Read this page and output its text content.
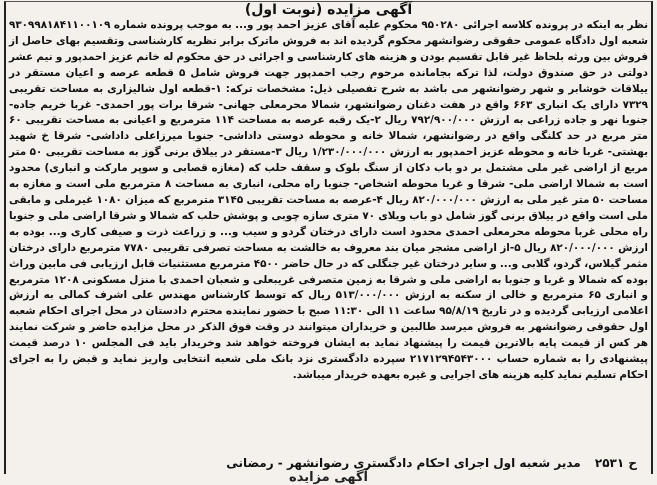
آگهی مزایده (نوبت اول)

نظر به اینکه در پرونده کلاسه اجرائی ۹۵۰۲۸۰ محکوم علیه آقای عزیز احمد پور و... به موجب پرونده شماره ۹۳۰۹۹۸۱۸۴۱۱۰۰۱۰۹ شعبه اول دادگاه عمومی حقوقی رضوانشهر محکوم گردیده اند به فروش ماترک برابر نظریه کارشناسی وتقسیم بهای حاصل از فروش بین ورثه بلحاظ غیر قابل تقسیم بودن و هزینه های کارشناسی و اجرائی در حق محکوم له خانم عزیز احمدپور و نیم عشر دولتی در حق صندوق دولت، لذا ترکه بجامانده مرحوم رجب احمدپور جهت فروش شامل ۵ قطعه عرصه و اعیان مستقر در ییلاقات خوشابر و شهر رضوانشهر می باشد به شرح تفصیلی ذیل: مشخصات ترکه: ۱-قطعه اول شالیزاری به مساحت تقریبی ۷۳۲۹ دارای یک انباری ۶۶۳ واقع در هفت دغنان رضوانشهر، شمالا محرمعلی جهانی- شرقا برات پور احمدی- غربا خریم جاده- جنوبا نهر و جاده زراعی به ارزش ۷۹۲/۹۰۰/۰۰۰ ریال ۲-یک رقبه عرصه به مساحت ۱۱۴ مترمربع و اعیانی به مساحت تقریبی ۶۰ متر مربع در حد کلنگی واقع در رضوانشهر، شمالا خانه و محوطه دوستی داداشی- جنوبا میرزاعلی داداشی- شرقا خ شهید بهشتی- غربا خانه و محوطه عزیز احمدپور به ارزش ۱/۲۳۰/۰۰۰/۰۰۰ ریال ۳-مستقر در ییلاق برنی گوز به مساحت تقریبی ۵۰ متر مربع از اراضی غیر ملی مشتمل بر دو باب دکان از سنگ بلوک و سقف حلب که (مغازه قصابی و سوپر مارکت و انباری) محدود است به شمالا اراضی ملی- شرقا و غربا محوطه اشخاص- جنوبا راه محلی، انباری به مساحت ۸ مترمربع ملی است و مغازه به مساحت ۵۰ متر غیر ملی به ارزش ۸۲۰/۰۰۰/۰۰۰ ریال ۴-عرصه به مساحت تقریبی ۳۱۴۵ مترمربع که میزان ۱۰۸۰ غیرملی و مابقی ملی است واقع در ییلاق برنی گوز شامل دو باب ویلای ۷۰ متری سازه چوبی و پوشش حلب که شمالا و شرقا اراضی ملی و جنوبا راه محلی غربا محوطه محرمعلی احمدی محدود است دارای درختان گردو و سیب و... و زراعت ذرت و صیفی کاری و... بوده به ارزش ۸۲۰/۰۰۰/۰۰۰ ریال ۵-از اراضی مشجر میان بند معروف به خالشت به مساحت تصرفی تقریبی ۷۷۸۰ مترمربع دارای درختان مثمر گیلاس، گردو، گلابی و... و سایر درختان غیر جنگلی که در حال حاضر ۴۵۰۰ مترمربع مستثنیات قابل ارزیابی فی مابین وراث بوده که شمالا و غربا و جنوبا به اراضی ملی و شرقا به زمین متصرفی غریبعلی و شعبان احمدی با منزل مسکونی ۱۲۰۸ مترمربع و انباری ۶۵ مترمربع و خالی از سکنه به ارزش ۵۱۳/۰۰۰/۰۰۰ ریال که توسط کارشناس مهندس علی اشرف کمالی به ارزش اعلامی ارزیابی گردیده و در تاریخ ۹۵/۸/۱۹ ساعت ۱۱ الی ۱۱:۳۰ صبح با حضور نماینده محترم دادستان در محل اجرای احکام شعبه اول حقوقی رضوانشهر به فروش میرسد طالبین و خریداران میتوانند در وقت فوق الذکر در محل مزایده حاضر و شرکت نمایند هر کس از قیمت پایه بالاترین قیمت را پیشنهاد نماید به ایشان فروخته خواهد شد وخریدار باید فی المجلس ۱۰ درصد قیمت پیشنهادی را به شماره حساب ۲۱۷۱۲۹۴۵۴۳۰۰۰ سپرده دادگستری نزد بانک ملی شعبه انتخابی واریز نماید و قبض را به اجرای احکام تسلیم نماید کلیه هزینه های اجرایی و غیره بعهده خریدار میباشد.

ح ۲۵۳۱ مدیر شعبه اول اجرای احکام دادگستری رضوانشهر - رمضانی
آگهی مزایده
